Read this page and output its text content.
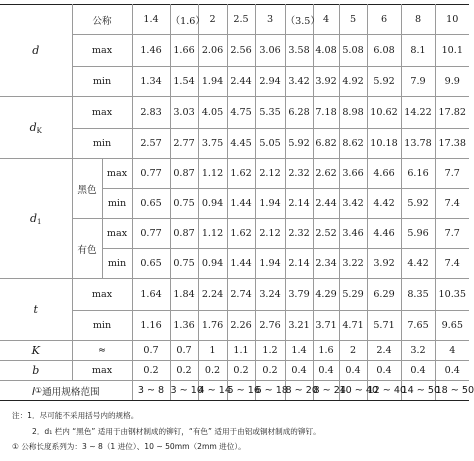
d	公称		1.4	（1.6）	2	2.5	3	（3.5）	4	5	6	8	10
	max		1.46	1.66	2.06	2.56	3.06	3.58	4.08	5.08	6.08	8.1	10.1
	min		1.34	1.54	1.94	2.44	2.94	3.42	3.92	4.92	5.92	7.9	9.9
$d_K$	max		2.83	3.03	4.05	4.75	5.35	6.28	7.18	8.98	10.62	14.22	17.82
	min		2.57	2.77	3.75	4.45	5.05	5.92	6.82	8.62	10.18	13.78	17.38
$d_1$	黑色	max	0.77	0.87	1.12	1.62	2.12	2.32	2.62	3.66	4.66	6.16	7.7
		min	0.65	0.75	0.94	1.44	1.94	2.14	2.44	3.42	4.42	5.92	7.4
	有色	max	0.77	0.87	1.12	1.62	2.12	2.32	2.52	3.46	4.46	5.96	7.7
		min	0.65	0.75	0.94	1.44	1.94	2.14	2.34	3.22	3.92	4.42	7.4
t	max		1.64	1.84	2.24	2.74	3.24	3.79	4.29	5.29	6.29	8.35	10.35
	min		1.16	1.36	1.76	2.26	2.76	3.21	3.71	4.71	5.71	7.65	9.65
K	≈		0.7	0.7	1	1.1	1.2	1.4	1.6	2	2.4	3.2	4
b	max		0.2	0.2	0.2	0.2	0.2	0.4	0.4	0.4	0.4	0.4	0.4
l①通用规格范围			3 ~ 8	3 ~ 10	4 ~ 14	5 ~ 16	6 ~ 18	8 ~ 20	8 ~ 24	10 ~ 40	12 ~ 40	14 ~ 50	18 ~ 50
注：1．尽可能不采用括号内的规格。
2．d₁ 栏内 “黑色” 适用于由钢材制成的铆钉，“有色” 适用于由铝或铜材制成的铆钉。
① 公称长度系列为：3 ~ 8（1 进位）、10 ~ 50mm（2mm 进位）。
